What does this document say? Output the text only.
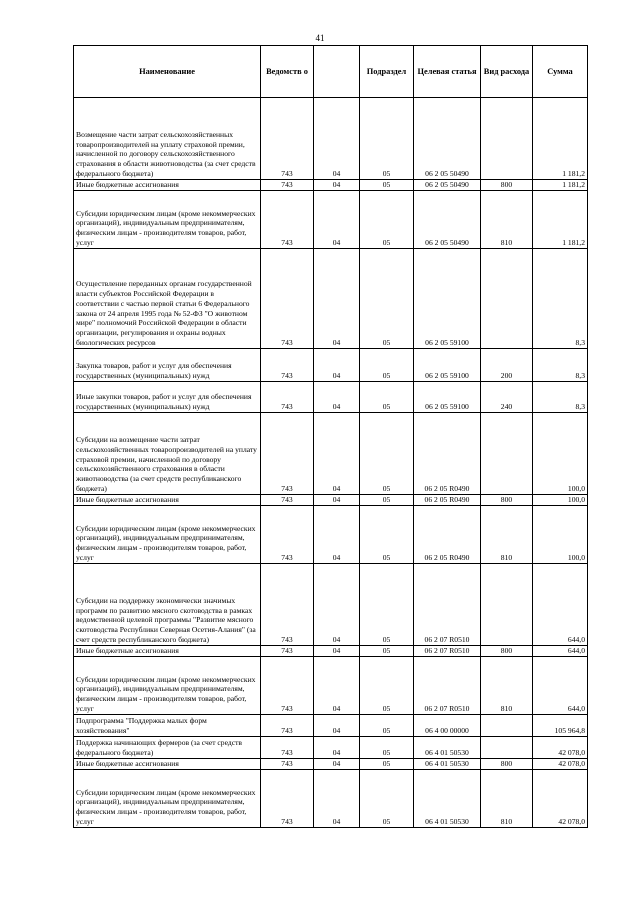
41
Наименование	Ведомств о		Подраздел	Целевая статья	Вид расхода	Сумма
Возмещение части затрат сельскохозяйственных товаропроизводителей на уплату страховой премии, начисленной по договору сельскохозяйственного страхования в области животноводства (за счет средств федерального бюджета)	743	04	05	06 2 05 50490		1 181,2
Иные бюджетные ассигнования	743	04	05	06 2 05 50490	800	1 181,2
Субсидии юридическим лицам (кроме некоммерческих организаций), индивидуальным предпринимателям, физическим лицам - производителям товаров, работ, услуг	743	04	05	06 2 05 50490	810	1 181,2
Осуществление переданных органам государственной власти субъектов Российской Федерации в соответствии с частью первой статьи 6 Федерального закона от 24 апреля 1995 года № 52-ФЗ "О животном мире" полномочий Российской Федерации в области организации, регулирования и охраны водных биологических ресурсов	743	04	05	06 2 05 59100		8,3
Закупка товаров, работ и услуг для обеспечения государственных (муниципальных) нужд	743	04	05	06 2 05 59100	200	8,3
Иные закупки товаров, работ и услуг для обеспечения государственных (муниципальных) нужд	743	04	05	06 2 05 59100	240	8,3
Субсидии на возмещение части затрат сельскохозяйственных товаропроизводителей на уплату страховой премии, начисленной по договору сельскохозяйственного страхования в области животноводства (за счет средств республиканского бюджета)	743	04	05	06 2 05 R0490		100,0
Иные бюджетные ассигнования	743	04	05	06 2 05 R0490	800	100,0
Субсидии юридическим лицам (кроме некоммерческих организаций), индивидуальным предпринимателям, физическим лицам - производителям товаров, работ, услуг	743	04	05	06 2 05 R0490	810	100,0
Субсидии на поддержку экономически значимых программ по развитию мясного скотоводства в рамках ведомственной целевой программы "Развитие мясного скотоводства Республики Северная Осетия-Алания" (за счет средств республиканского бюджета)	743	04	05	06 2 07 R0510		644,0
Иные бюджетные ассигнования	743	04	05	06 2 07 R0510	800	644,0
Субсидии юридическим лицам (кроме некоммерческих организаций), индивидуальным предпринимателям, физическим лицам - производителям товаров, работ, услуг	743	04	05	06 2 07 R0510	810	644,0
Подпрограмма "Поддержка малых форм хозяйствования"	743	04	05	06 4 00 00000		105 964,8
Поддержка начинающих фермеров (за счет средств федерального бюджета)	743	04	05	06 4 01 50530		42 078,0
Иные бюджетные ассигнования	743	04	05	06 4 01 50530	800	42 078,0
Субсидии юридическим лицам (кроме некоммерческих организаций), индивидуальным предпринимателям, физическим лицам - производителям товаров, работ, услуг	743	04	05	06 4 01 50530	810	42 078,0
